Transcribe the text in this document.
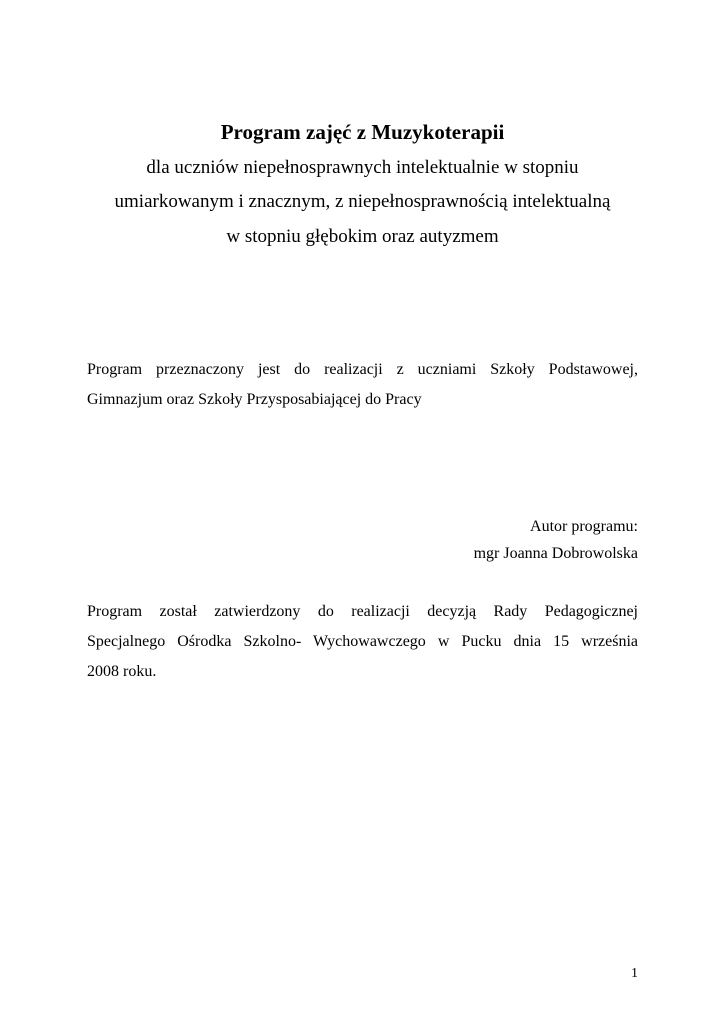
Program zajęć z Muzykoterapii
dla uczniów niepełnosprawnych intelektualnie w stopniu
umiarkowanym i znacznym, z niepełnosprawnością intelektualną
w stopniu głębokim oraz autyzmem
Program przeznaczony jest do realizacji z uczniami Szkoły Podstawowej,
Gimnazjum oraz Szkoły Przysposabiającej do Pracy
Autor programu:
mgr Joanna Dobrowolska
Program został zatwierdzony do realizacji decyzją Rady Pedagogicznej
Specjalnego Ośrodka Szkolno- Wychowawczego w Pucku dnia 15 września
2008 roku.
1
